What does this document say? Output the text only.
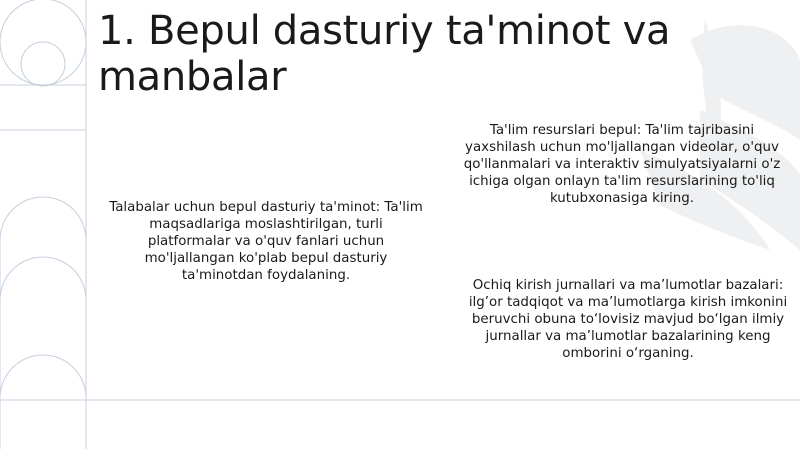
1. Bepul dasturiy ta'minot va manbalar

Talabalar uchun bepul dasturiy ta'minot: Ta'lim maqsadlariga moslashtirilgan, turli platformalar va o'quv fanlari uchun mo'ljallangan ko'plab bepul dasturiy ta'minotdan foydalaning.

Ta'lim resurslari bepul: Ta'lim tajribasini yaxshilash uchun mo'ljallangan videolar, o'quv qo'llanmalari va interaktiv simulyatsiyalarni o'z ichiga olgan onlayn ta'lim resurslarining to'liq kutubxonasiga kiring.

Ochiq kirish jurnallari va ma’lumotlar bazalari: ilg’or tadqiqot va ma’lumotlarga kirish imkonini beruvchi obuna to‘lovisiz mavjud bo‘lgan ilmiy jurnallar va ma’lumotlar bazalarining keng omborini o‘rganing.
